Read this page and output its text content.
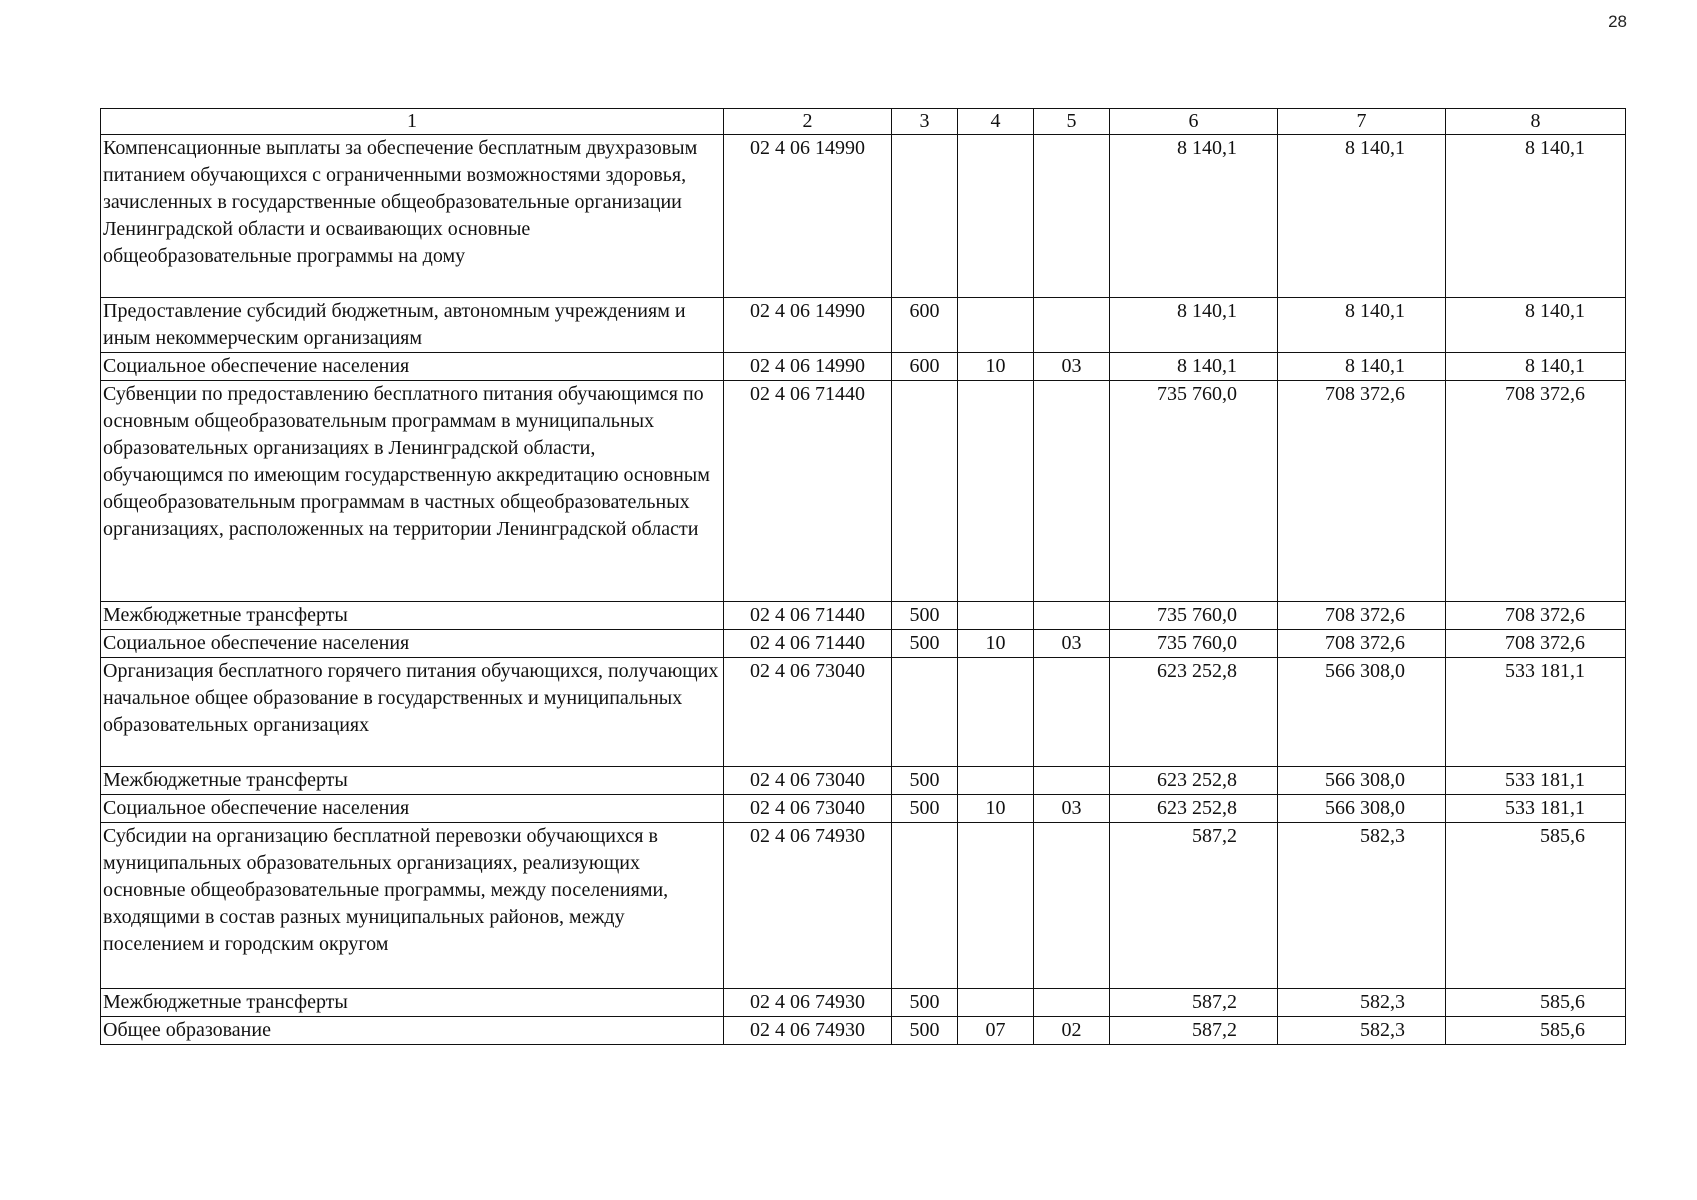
28
1	2	3	4	5	6	7	8
Компенсационные выплаты за обеспечение бесплатным двухразовым питанием обучающихся с ограниченными возможностями здоровья, зачисленных в государственные общеобразовательные организации Ленинградской области и осваивающих основные общеобразовательные программы на дому	02 4 06 14990				8 140,1	8 140,1	8 140,1
Предоставление субсидий бюджетным, автономным учреждениям и иным некоммерческим организациям	02 4 06 14990	600			8 140,1	8 140,1	8 140,1
Социальное обеспечение населения	02 4 06 14990	600	10	03	8 140,1	8 140,1	8 140,1
Субвенции по предоставлению бесплатного питания обучающимся по основным общеобразовательным программам в муниципальных образовательных организациях в Ленинградской области, обучающимся по имеющим государственную аккредитацию основным общеобразовательным программам в частных общеобразовательных организациях, расположенных на территории Ленинградской области	02 4 06 71440				735 760,0	708 372,6	708 372,6
Межбюджетные трансферты	02 4 06 71440	500			735 760,0	708 372,6	708 372,6
Социальное обеспечение населения	02 4 06 71440	500	10	03	735 760,0	708 372,6	708 372,6
Организация бесплатного горячего питания обучающихся, получающих начальное общее образование в государственных и муниципальных образовательных организациях	02 4 06 73040				623 252,8	566 308,0	533 181,1
Межбюджетные трансферты	02 4 06 73040	500			623 252,8	566 308,0	533 181,1
Социальное обеспечение населения	02 4 06 73040	500	10	03	623 252,8	566 308,0	533 181,1
Субсидии на организацию бесплатной перевозки обучающихся в муниципальных образовательных организациях, реализующих основные общеобразовательные программы, между поселениями, входящими в состав разных муниципальных районов, между поселением и городским округом	02 4 06 74930				587,2	582,3	585,6
Межбюджетные трансферты	02 4 06 74930	500			587,2	582,3	585,6
Общее образование	02 4 06 74930	500	07	02	587,2	582,3	585,6
